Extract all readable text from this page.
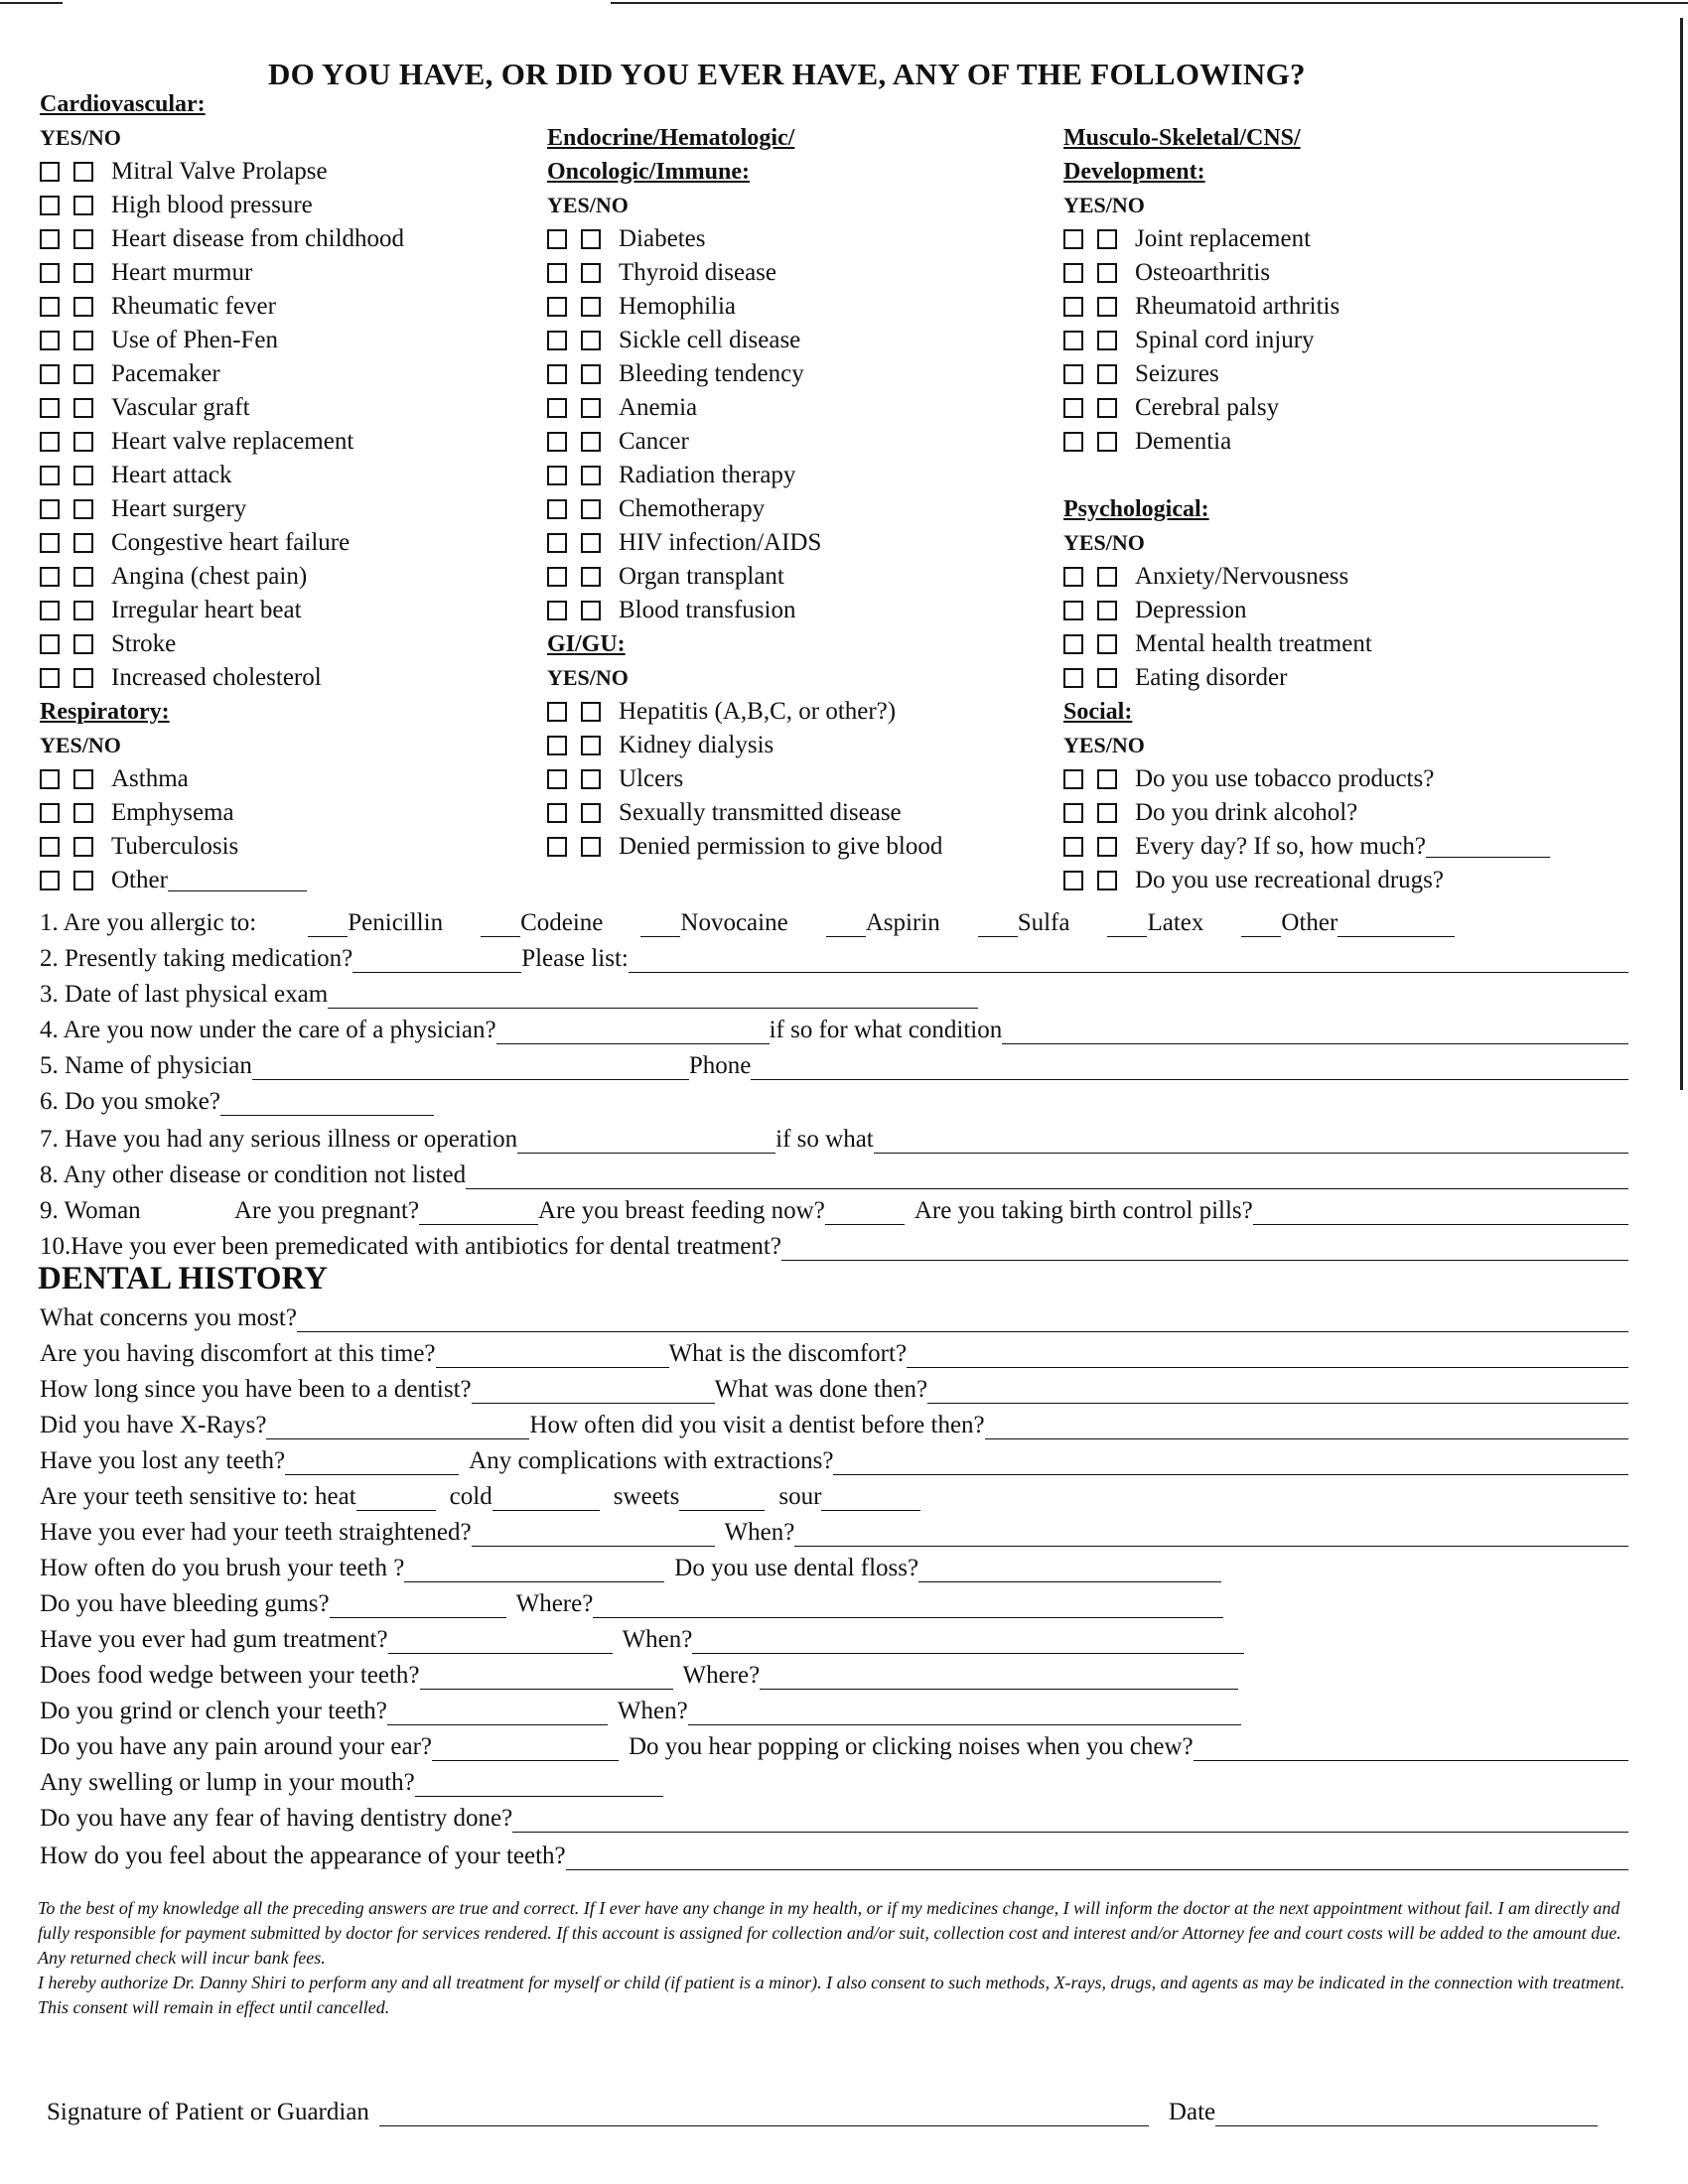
DO YOU HAVE, OR DID YOU EVER HAVE, ANY OF THE FOLLOWING?
Cardiovascular:
YES/NO
Mitral Valve Prolapse
High blood pressure
Heart disease from childhood
Heart murmur
Rheumatic fever
Use of Phen-Fen
Pacemaker
Vascular graft
Heart valve replacement
Heart attack
Heart surgery
Congestive heart failure
Angina (chest pain)
Irregular heart beat
Stroke
Increased cholesterol
Respiratory:
YES/NO
Asthma
Emphysema
Tuberculosis
Other
Endocrine/Hematologic/
Oncologic/Immune:
YES/NO
Diabetes
Thyroid disease
Hemophilia
Sickle cell disease
Bleeding tendency
Anemia
Cancer
Radiation therapy
Chemotherapy
HIV infection/AIDS
Organ transplant
Blood transfusion
GI/GU:
YES/NO
Hepatitis (A,B,C, or other?)
Kidney dialysis
Ulcers
Sexually transmitted disease
Denied permission to give blood
Musculo-Skeletal/CNS/
Development:
YES/NO
Joint replacement
Osteoarthritis
Rheumatoid arthritis
Spinal cord injury
Seizures
Cerebral palsy
Dementia
Psychological:
YES/NO
Anxiety/Nervousness
Depression
Mental health treatment
Eating disorder
Social:
YES/NO
Do you use tobacco products?
Do you drink alcohol?
Every day? If so, how much?
Do you use recreational drugs?
1. Are you allergic to:	Penicillin	Codeine	Novocaine	Aspirin	Sulfa	Latex	Other
2. Presently taking medication?	Please list:
3. Date of last physical exam
4. Are you now under the care of a physician?	if so for what condition
5. Name of physician	Phone
6. Do you smoke?
7. Have you had any serious illness or operation	if so what
8. Any other disease or condition not listed
9. Woman	Are you pregnant?	Are you breast feeding now?	Are you taking birth control pills?
10.Have you ever been premedicated with antibiotics for dental treatment?
DENTAL HISTORY
What concerns you most?
Are you having discomfort at this time?	What is the discomfort?
How long since you have been to a dentist?	What was done then?
Did you have X-Rays?	How often did you visit a dentist before then?
Have you lost any teeth?	Any complications with extractions?
Are your teeth sensitive to: heat	cold	sweets	sour
Have you ever had your teeth straightened?	When?
How often do you brush your teeth ?	Do you use dental floss?
Do you have bleeding gums?	Where?
Have you ever had gum treatment?	When?
Does food wedge between your teeth?	Where?
Do you grind or clench your teeth?	When?
Do you have any pain around your ear?	Do you hear popping or clicking noises when you chew?
Any swelling or lump in your mouth?
Do you have any fear of having dentistry done?
How do you feel about the appearance of your teeth?
To the best of my knowledge all the preceding answers are true and correct. If I ever have any change in my health, or if my medicines change, I will inform the doctor at the next appointment without fail. I am directly and fully responsible for payment submitted by doctor for services rendered. If this account is assigned for collection and/or suit, collection cost and interest and/or Attorney fee and court costs will be added to the amount due. Any returned check will incur bank fees.
I hereby authorize Dr. Danny Shiri to perform any and all treatment for myself or child (if patient is a minor). I also consent to such methods, X-rays, drugs, and agents as may be indicated in the connection with treatment. This consent will remain in effect until cancelled.
Signature of Patient or Guardian	Date
